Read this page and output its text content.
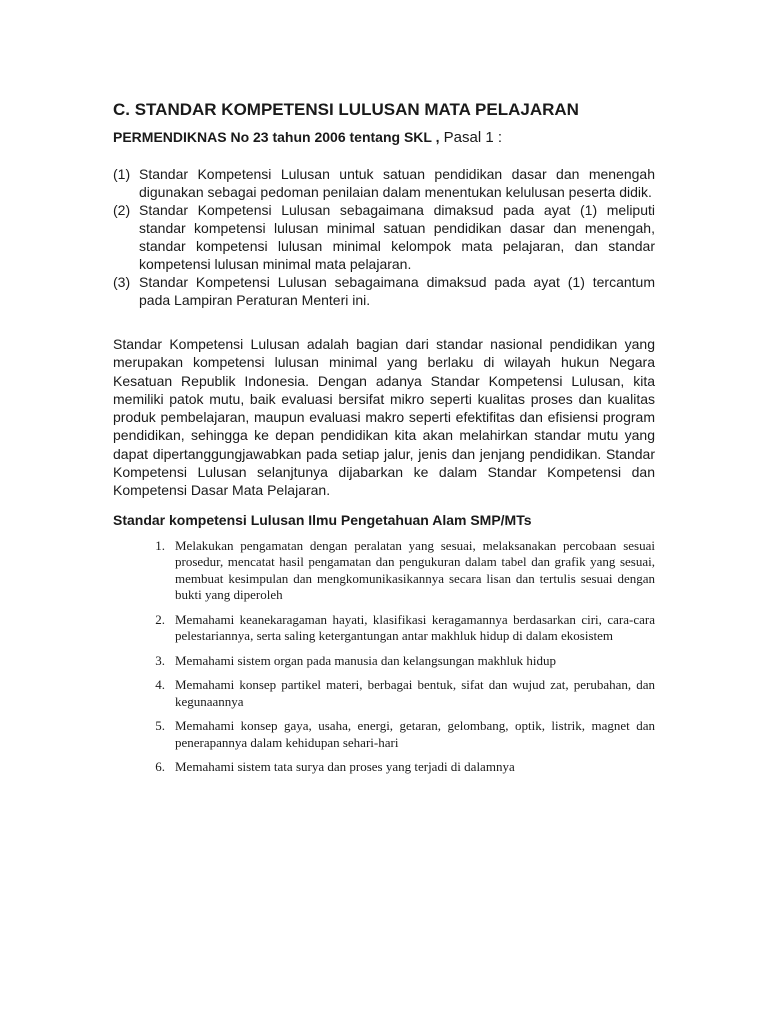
C. STANDAR KOMPETENSI LULUSAN MATA PELAJARAN

PERMENDIKNAS No 23 tahun 2006 tentang SKL , Pasal 1 :

(1) Standar Kompetensi Lulusan untuk satuan pendidikan dasar dan menengah digunakan sebagai pedoman penilaian dalam menentukan kelulusan peserta didik.
(2) Standar Kompetensi Lulusan sebagaimana dimaksud pada ayat (1) meliputi standar kompetensi lulusan minimal satuan pendidikan dasar dan menengah, standar kompetensi lulusan minimal kelompok mata pelajaran, dan standar kompetensi lulusan minimal mata pelajaran.
(3) Standar Kompetensi Lulusan sebagaimana dimaksud pada ayat (1) tercantum pada Lampiran Peraturan Menteri ini.

Standar Kompetensi Lulusan adalah bagian dari standar nasional pendidikan yang merupakan kompetensi lulusan minimal yang berlaku di wilayah hukun Negara Kesatuan Republik Indonesia. Dengan adanya Standar Kompetensi Lulusan, kita memiliki patok mutu, baik evaluasi bersifat mikro seperti kualitas proses dan kualitas produk pembelajaran, maupun evaluasi makro seperti efektifitas dan efisiensi program pendidikan, sehingga ke depan pendidikan kita akan melahirkan standar mutu yang dapat dipertanggungjawabkan pada setiap jalur, jenis dan jenjang pendidikan. Standar Kompetensi Lulusan selanjtunya dijabarkan ke dalam Standar Kompetensi dan Kompetensi Dasar Mata Pelajaran.

Standar kompetensi Lulusan Ilmu Pengetahuan Alam SMP/MTs
1. Melakukan pengamatan dengan peralatan yang sesuai, melaksanakan percobaan sesuai prosedur, mencatat hasil pengamatan dan pengukuran dalam tabel dan grafik yang sesuai, membuat kesimpulan dan mengkomunikasikannya secara lisan dan tertulis sesuai dengan bukti yang diperoleh
2. Memahami keanekaragaman hayati, klasifikasi keragamannya berdasarkan ciri, cara-cara pelestariannya, serta saling ketergantungan antar makhluk hidup di dalam ekosistem
3. Memahami sistem organ pada manusia dan kelangsungan makhluk hidup
4. Memahami konsep partikel materi, berbagai bentuk, sifat dan wujud zat, perubahan, dan kegunaannya
5. Memahami konsep gaya, usaha, energi, getaran, gelombang, optik, listrik, magnet dan penerapannya dalam kehidupan sehari-hari
6. Memahami sistem tata surya dan proses yang terjadi di dalamnya
